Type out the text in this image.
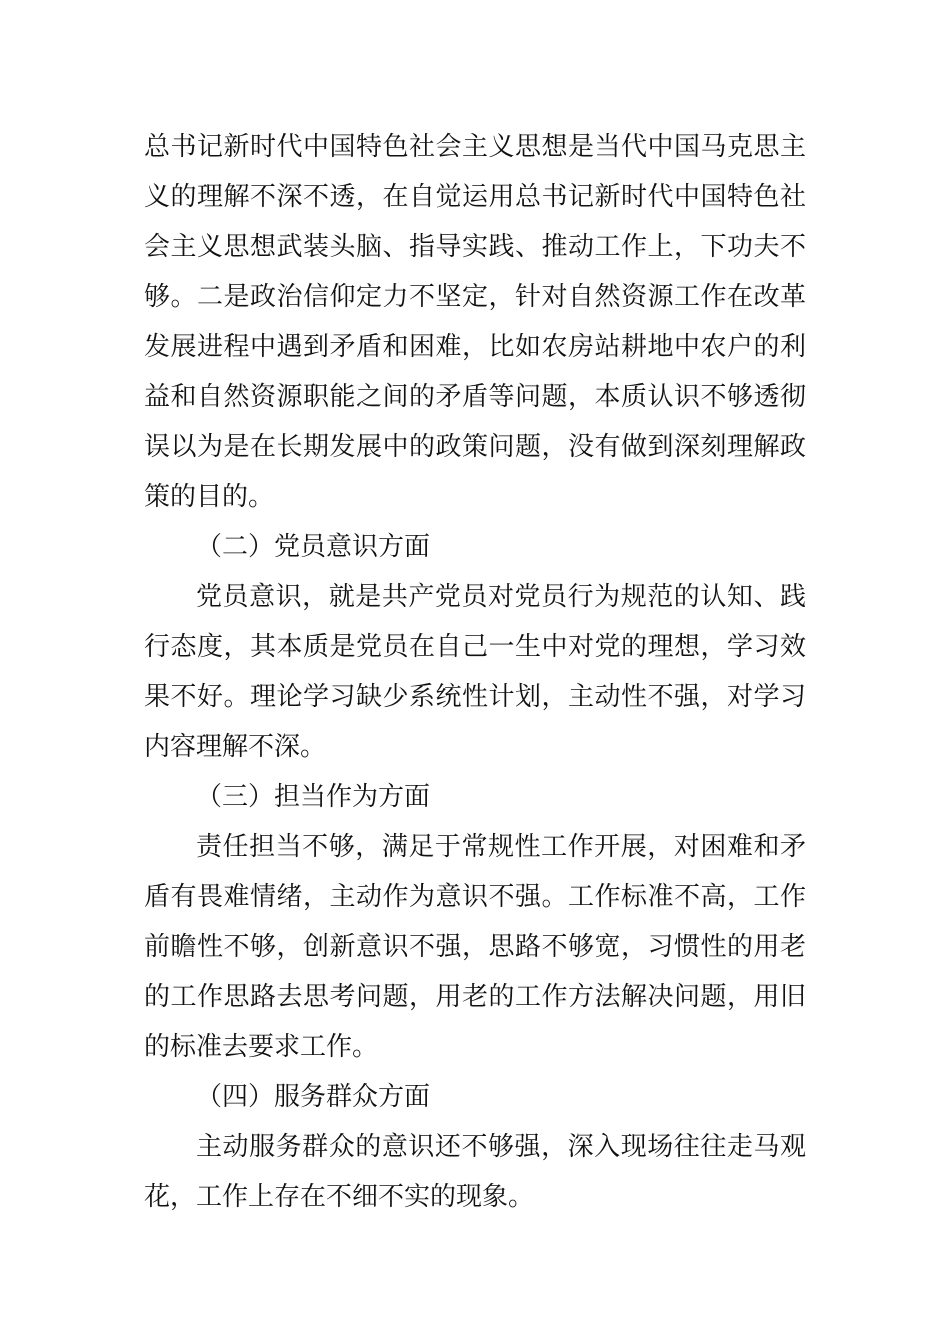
总书记新时代中国特色社会主义思想是当代中国马克思主义的理解不深不透，在自觉运用总书记新时代中国特色社会主义思想武装头脑、指导实践、推动工作上，下功夫不够。二是政治信仰定力不坚定，针对自然资源工作在改革发展进程中遇到矛盾和困难，比如农房站耕地中农户的利益和自然资源职能之间的矛盾等问题，本质认识不够透彻误以为是在长期发展中的政策问题，没有做到深刻理解政策的目的。

（二）党员意识方面

党员意识，就是共产党员对党员行为规范的认知、践行态度，其本质是党员在自己一生中对党的理想，学习效果不好。理论学习缺少系统性计划，主动性不强，对学习内容理解不深。

（三）担当作为方面

责任担当不够，满足于常规性工作开展，对困难和矛盾有畏难情绪，主动作为意识不强。工作标准不高，工作前瞻性不够，创新意识不强，思路不够宽，习惯性的用老的工作思路去思考问题，用老的工作方法解决问题，用旧的标准去要求工作。

（四）服务群众方面

主动服务群众的意识还不够强，深入现场往往走马观花，工作上存在不细不实的现象。
